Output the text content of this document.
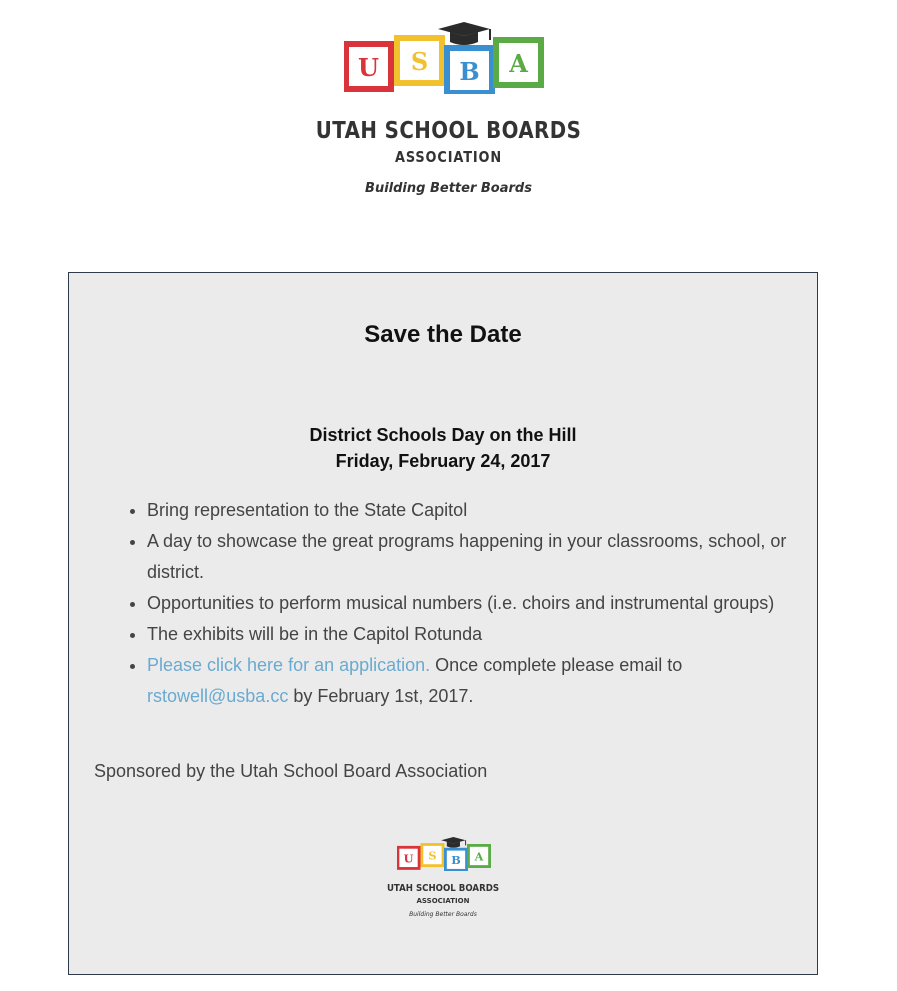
U S B A
UTAH SCHOOL BOARDS
ASSOCIATION
Building Better Boards
Save the Date
District Schools Day on the Hill
Friday, February 24, 2017
• Bring representation to the State Capitol
• A day to showcase the great programs happening in your classrooms, school, or district.
• Opportunities to perform musical numbers (i.e. choirs and instrumental groups)
• The exhibits will be in the Capitol Rotunda
• Please click here for an application. Once complete please email to rstowell@usba.cc by February 1st, 2017.
Sponsored by the Utah School Board Association
U S B A
UTAH SCHOOL BOARDS
ASSOCIATION
Building Better Boards
